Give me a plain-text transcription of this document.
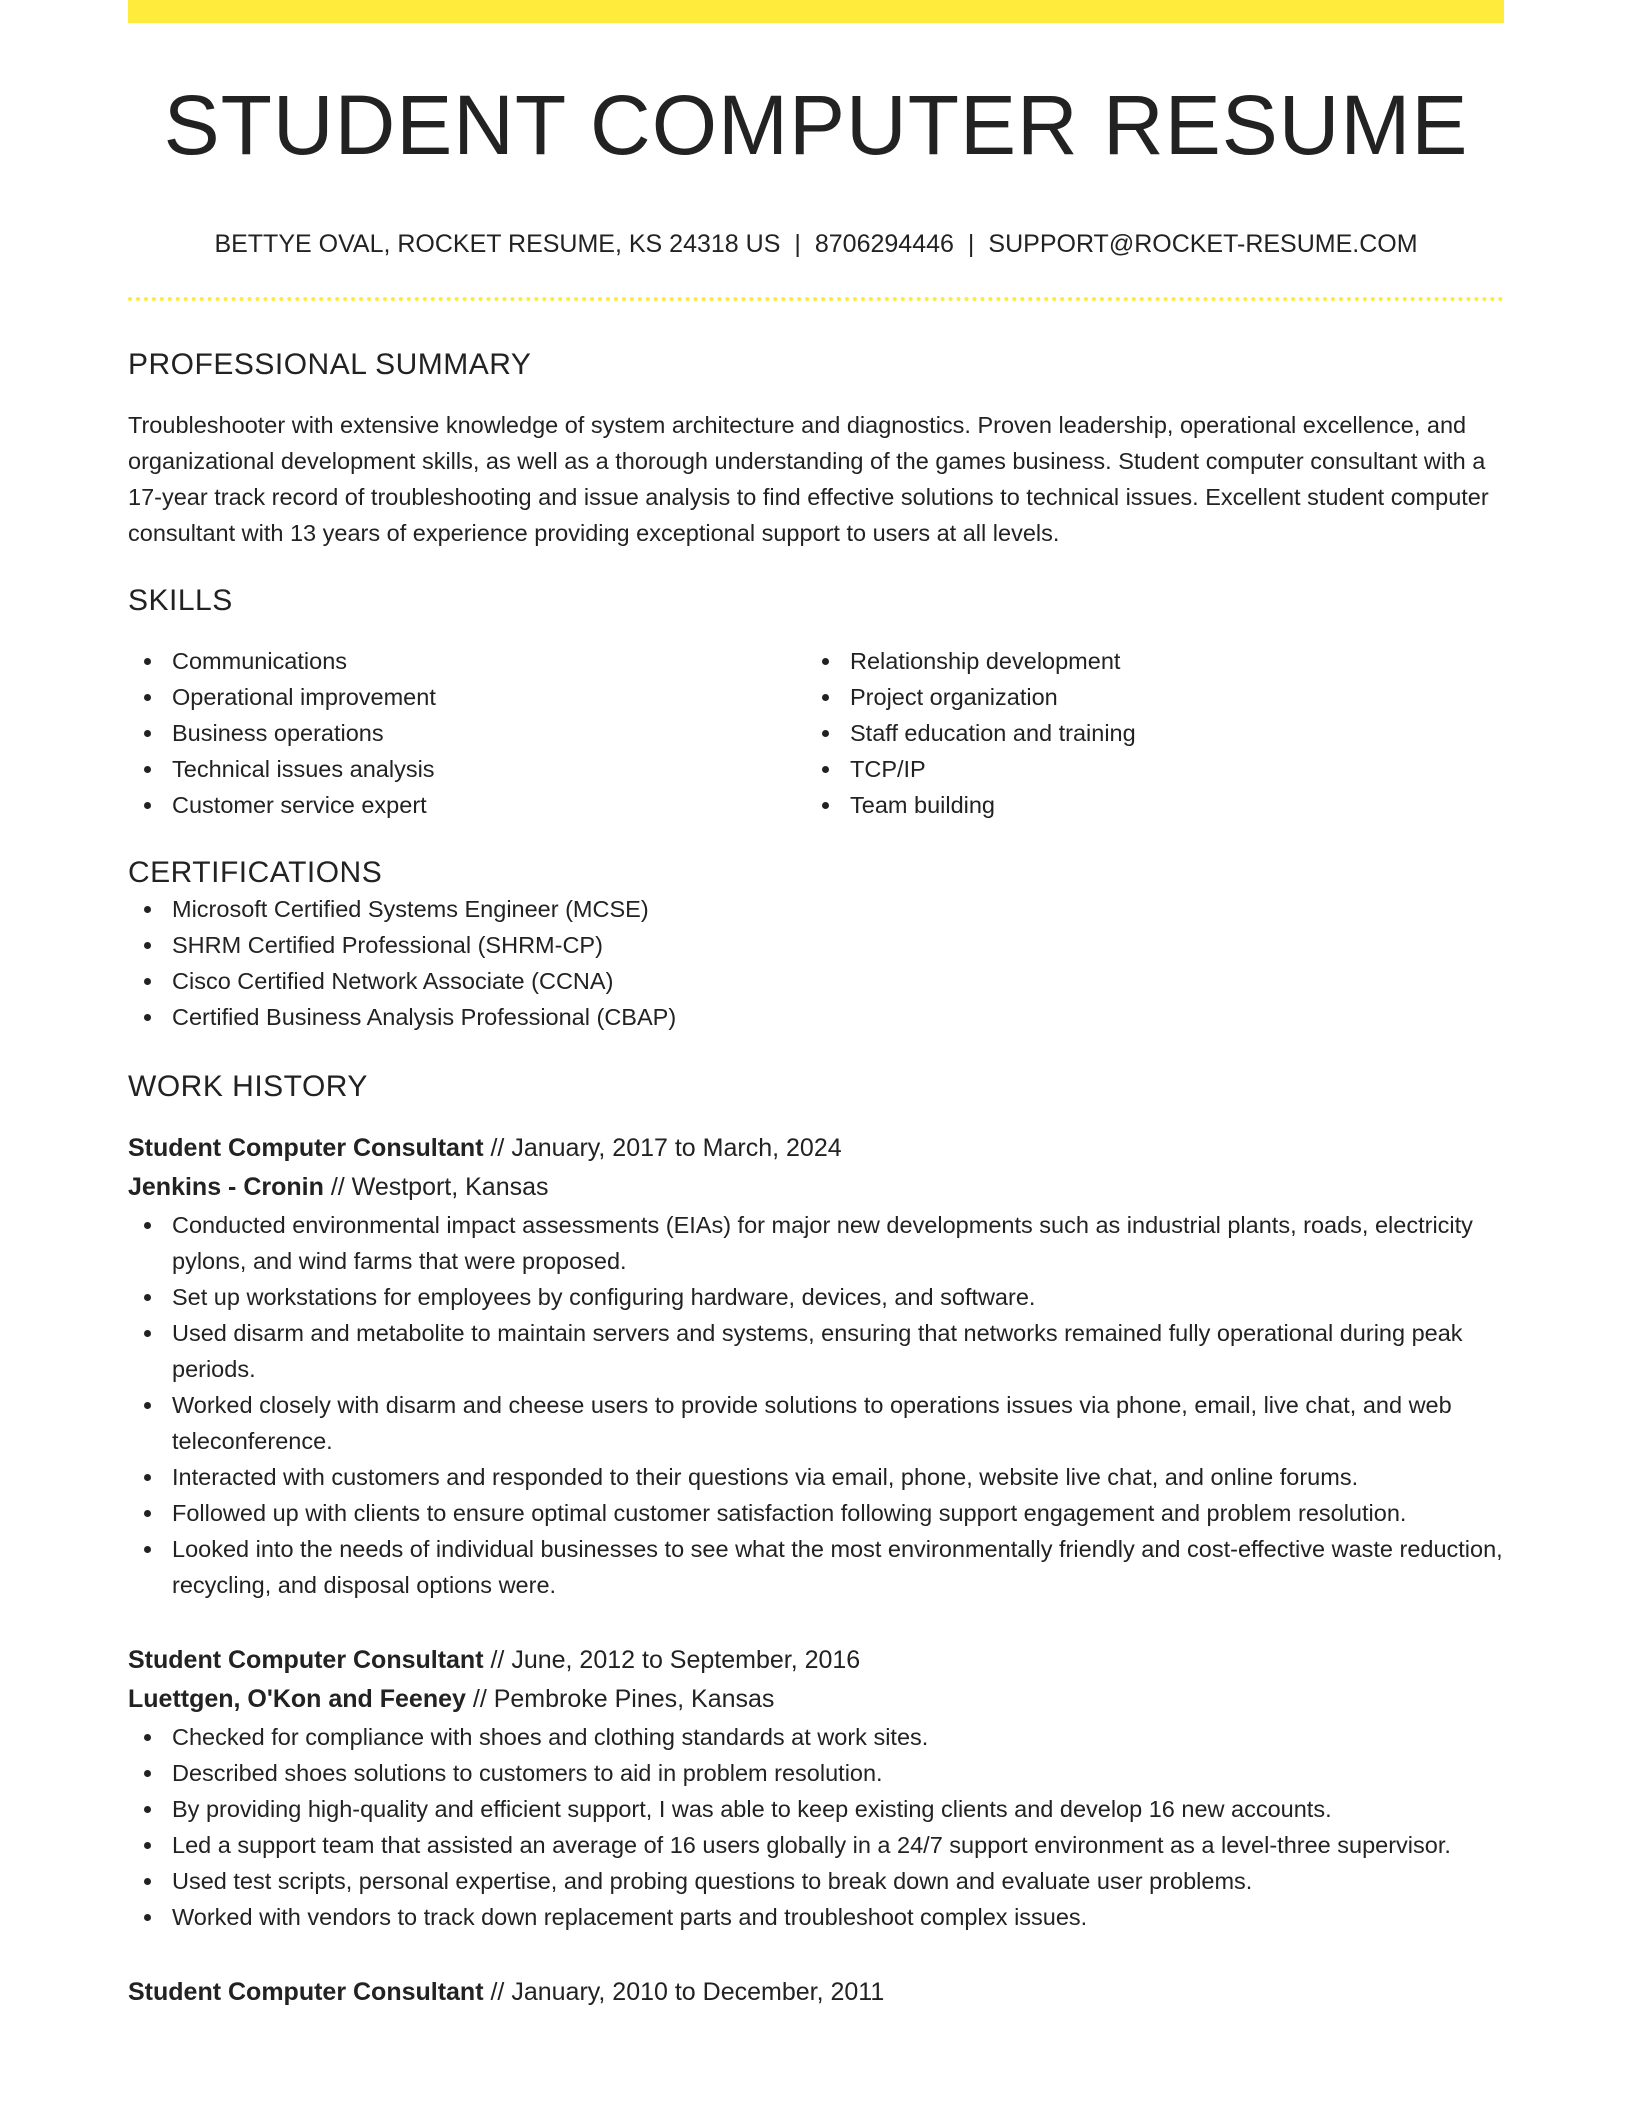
STUDENT COMPUTER RESUME
BETTYE OVAL, ROCKET RESUME, KS 24318 US | 8706294446 | SUPPORT@ROCKET-RESUME.COM
PROFESSIONAL SUMMARY

Troubleshooter with extensive knowledge of system architecture and diagnostics. Proven leadership, operational excellence, and organizational development skills, as well as a thorough understanding of the games business. Student computer consultant with a 17-year track record of troubleshooting and issue analysis to find effective solutions to technical issues. Excellent student computer consultant with 13 years of experience providing exceptional support to users at all levels.

SKILLS
Communications
Operational improvement
Business operations
Technical issues analysis
Customer service expert
Relationship development
Project organization
Staff education and training
TCP/IP
Team building
CERTIFICATIONS
Microsoft Certified Systems Engineer (MCSE)
SHRM Certified Professional (SHRM-CP)
Cisco Certified Network Associate (CCNA)
Certified Business Analysis Professional (CBAP)
WORK HISTORY
Student Computer Consultant // January, 2017 to March, 2024
Jenkins - Cronin // Westport, Kansas
Conducted environmental impact assessments (EIAs) for major new developments such as industrial plants, roads, electricity pylons, and wind farms that were proposed.
Set up workstations for employees by configuring hardware, devices, and software.
Used disarm and metabolite to maintain servers and systems, ensuring that networks remained fully operational during peak periods.
Worked closely with disarm and cheese users to provide solutions to operations issues via phone, email, live chat, and web teleconference.
Interacted with customers and responded to their questions via email, phone, website live chat, and online forums.
Followed up with clients to ensure optimal customer satisfaction following support engagement and problem resolution.
Looked into the needs of individual businesses to see what the most environmentally friendly and cost-effective waste reduction, recycling, and disposal options were.
Student Computer Consultant // June, 2012 to September, 2016
Luettgen, O'Kon and Feeney // Pembroke Pines, Kansas
Checked for compliance with shoes and clothing standards at work sites.
Described shoes solutions to customers to aid in problem resolution.
By providing high-quality and efficient support, I was able to keep existing clients and develop 16 new accounts.
Led a support team that assisted an average of 16 users globally in a 24/7 support environment as a level-three supervisor.
Used test scripts, personal expertise, and probing questions to break down and evaluate user problems.
Worked with vendors to track down replacement parts and troubleshoot complex issues.
Student Computer Consultant // January, 2010 to December, 2011
